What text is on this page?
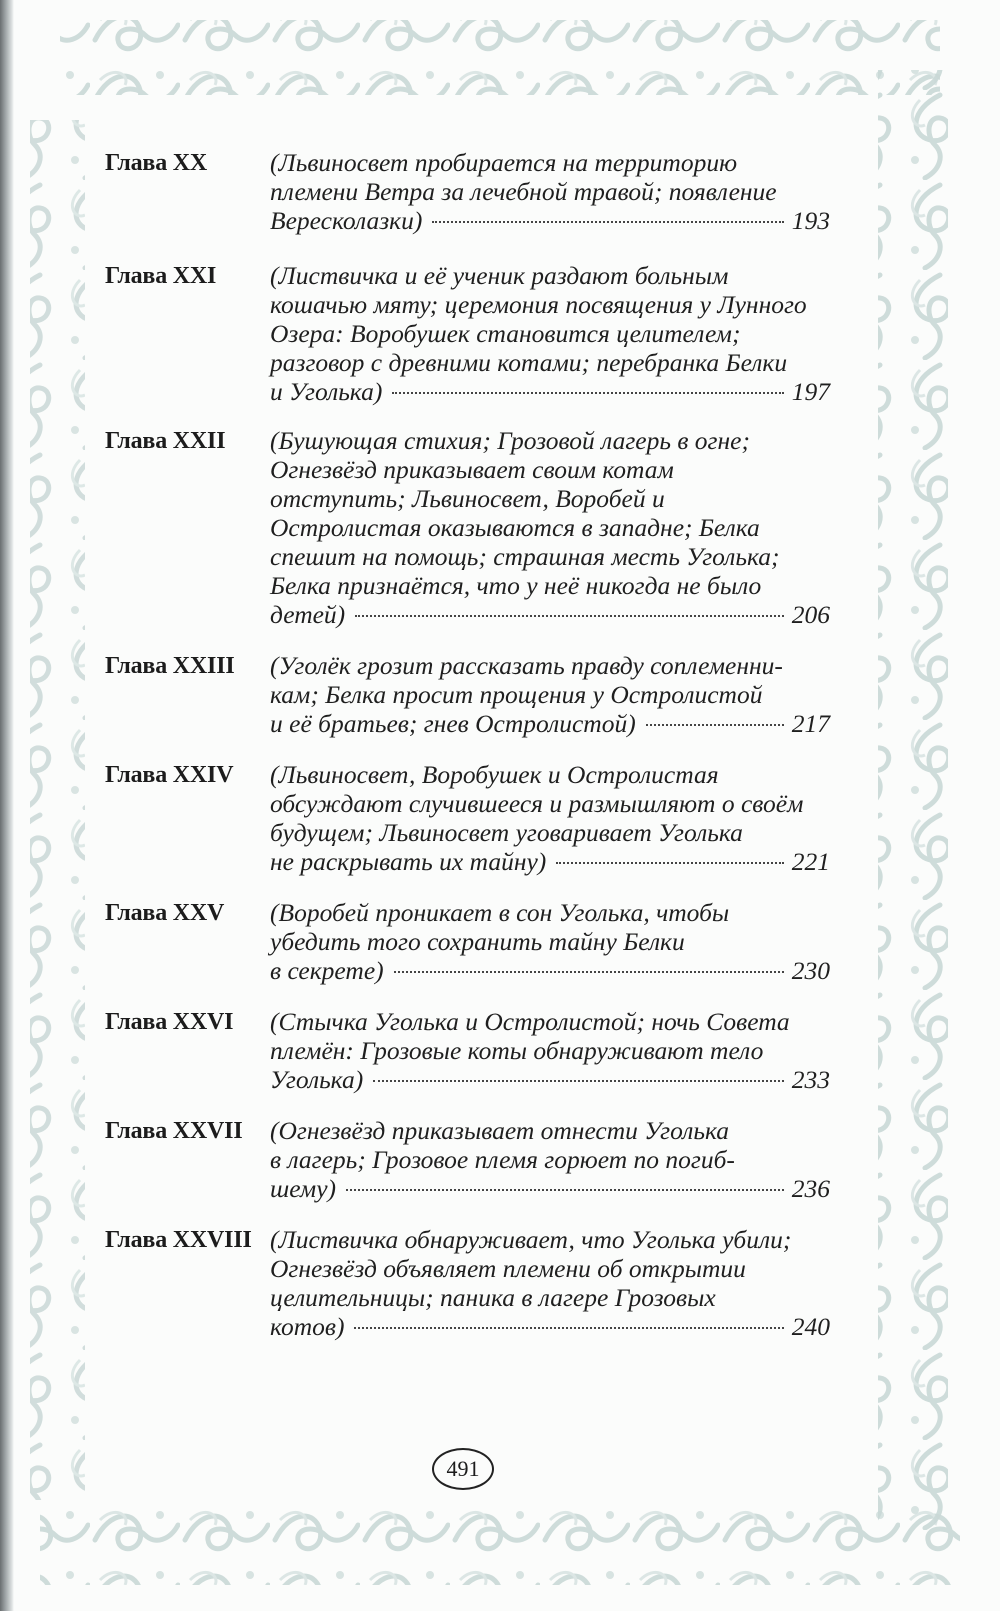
Глава XX	(Львиносвет пробирается на территорию
племени Ветра за лечебной травой; появление
Вересколазки)	193
Глава XXI	(Листвичка и её ученик раздают больным
кошачью мяту; церемония посвящения у Лунного
Озера: Воробушек становится целителем;
разговор с древними котами; перебранка Белки
и Уголька)	197
Глава XXII	(Бушующая стихия; Грозовой лагерь в огне;
Огнезвёзд приказывает своим котам
отступить; Львиносвет, Воробей и
Остролистая оказываются в западне; Белка
спешит на помощь; страшная месть Уголька;
Белка признаётся, что у неё никогда не было
детей)	206
Глава XXIII	(Уголёк грозит рассказать правду соплеменни-
кам; Белка просит прощения у Остролистой
и её братьев; гнев Остролистой)	217
Глава XXIV	(Львиносвет, Воробушек и Остролистая
обсуждают случившееся и размышляют о своём
будущем; Львиносвет уговаривает Уголька
не раскрывать их тайну)	221
Глава XXV	(Воробей проникает в сон Уголька, чтобы
убедить того сохранить тайну Белки
в секрете)	230
Глава XXVI	(Стычка Уголька и Остролистой; ночь Совета
племён: Грозовые коты обнаруживают тело
Уголька)	233
Глава XXVII	(Огнезвёзд приказывает отнести Уголька
в лагерь; Грозовое племя горюет по погиб-
шему)	236
Глава XXVIII (Листвичка обнаруживает, что Уголька убили;
Огнезвёзд объявляет племени об открытии
целительницы; паника в лагере Грозовых
котов)	240
491
